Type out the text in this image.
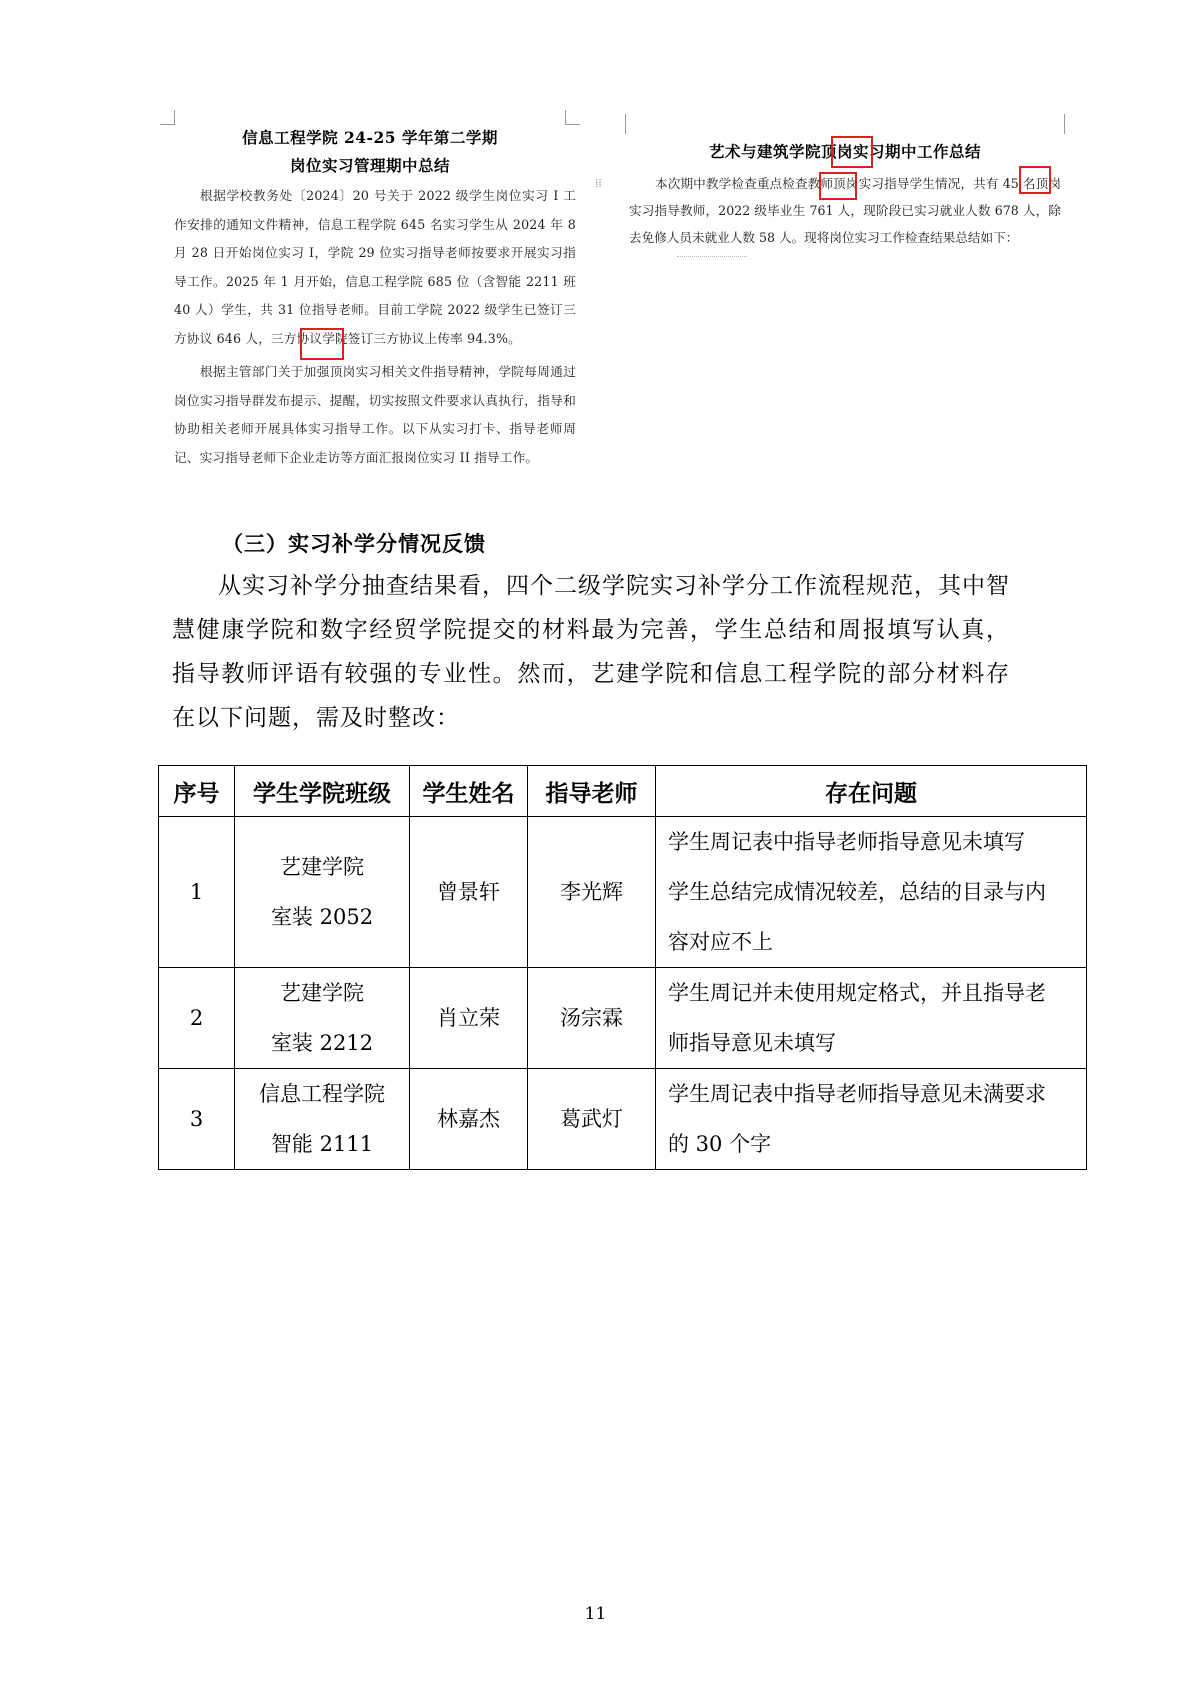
信息工程学院 24-25 学年第二学期
岗位实习管理期中总结
根据学校教务处〔2024〕20 号关于 2022 级学生岗位实习 I 工作安排的通知文件精神，信息工程学院 645 名实习学生从 2024 年 8 月 28 日开始岗位实习 I，学院 29 位实习指导老师按要求开展实习指导工作。2025 年 1 月开始，信息工程学院 685 位（含智能 2211 班 40 人）学生，共 31 位指导老师。目前工学院 2022 级学生已签订三方协议 646 人，三方协议学院签订三方协议上传率 94.3%。
根据主管部门关于加强顶岗实习相关文件指导精神，学院每周通过岗位实习指导群发布提示、提醒，切实按照文件要求认真执行，指导和协助相关老师开展具体实习指导工作。以下从实习打卡、指导老师周记、实习指导老师下企业走访等方面汇报岗位实习 II 指导工作。
⁞⁞
艺术与建筑学院顶岗实习期中工作总结
本次期中教学检查重点检查教师顶岗实习指导学生情况，共有 45 名顶岗实习指导教师，2022 级毕业生 761 人，现阶段已实习就业人数 678 人，除去免修人员未就业人数 58 人。现将岗位实习工作检查结果总结如下：
（三）实习补学分情况反馈
从实习补学分抽查结果看，四个二级学院实习补学分工作流程规范，其中智慧健康学院和数字经贸学院提交的材料最为完善，学生总结和周报填写认真，指导教师评语有较强的专业性。然而，艺建学院和信息工程学院的部分材料存在以下问题，需及时整改：
序号	学生学院班级	学生姓名	指导老师	存在问题
1	艺建学院
室装 2052	曾景轩	李光辉	学生周记表中指导老师指导意见未填写
学生总结完成情况较差，总结的目录与内
容对应不上

2	艺建学院
室装 2212	肖立荣	汤宗霖	学生周记并未使用规定格式，并且指导老
师指导意见未填写

3	信息工程学院
智能 2111	林嘉杰	葛武灯	学生周记表中指导老师指导意见未满要求
的 30 个字
11
